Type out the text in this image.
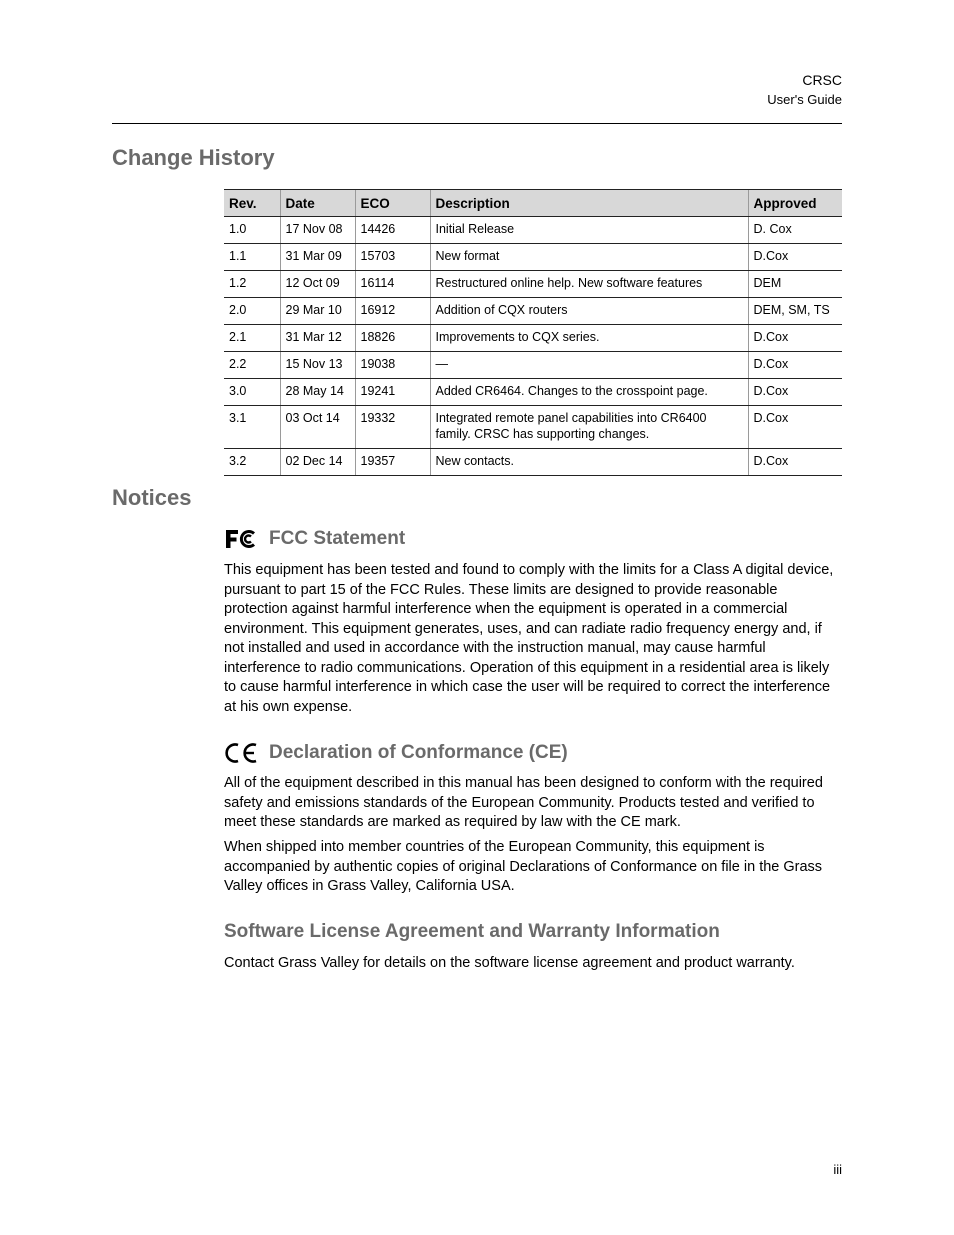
CRSC
User's Guide
Change History
Rev.	Date	ECO	Description	Approved
1.0	17 Nov 08	14426	Initial Release	D. Cox
1.1	31 Mar 09	15703	New format	D.Cox
1.2	12 Oct 09	16114	Restructured online help. New software features	DEM
2.0	29 Mar 10	16912	Addition of CQX routers	DEM, SM, TS
2.1	31 Mar 12	18826	Improvements to CQX series.	D.Cox
2.2	15 Nov 13	19038	—	D.Cox
3.0	28 May 14	19241	Added CR6464. Changes to the crosspoint page.	D.Cox
3.1	03 Oct 14	19332	Integrated remote panel capabilities into CR6400 family. CRSC has supporting changes.	D.Cox
3.2	02 Dec 14	19357	New contacts.	D.Cox
Notices
FCC Statement

This equipment has been tested and found to comply with the limits for a Class A digital device, pursuant to part 15 of the FCC Rules. These limits are designed to provide reasonable protection against harmful interference when the equipment is operated in a commercial environment. This equipment generates, uses, and can radiate radio frequency energy and, if not installed and used in accordance with the instruction manual, may cause harmful interference to radio communications. Operation of this equipment in a residential area is likely to cause harmful interference in which case the user will be required to correct the interference at his own expense.

Declaration of Conformance (CE)

All of the equipment described in this manual has been designed to conform with the required safety and emissions standards of the European Community. Products tested and verified to meet these standards are marked as required by law with the CE mark.

When shipped into member countries of the European Community, this equipment is accompanied by authentic copies of original Declarations of Conformance on file in the Grass Valley offices in Grass Valley, California USA.

Software License Agreement and Warranty Information

Contact Grass Valley for details on the software license agreement and product warranty.

iii
